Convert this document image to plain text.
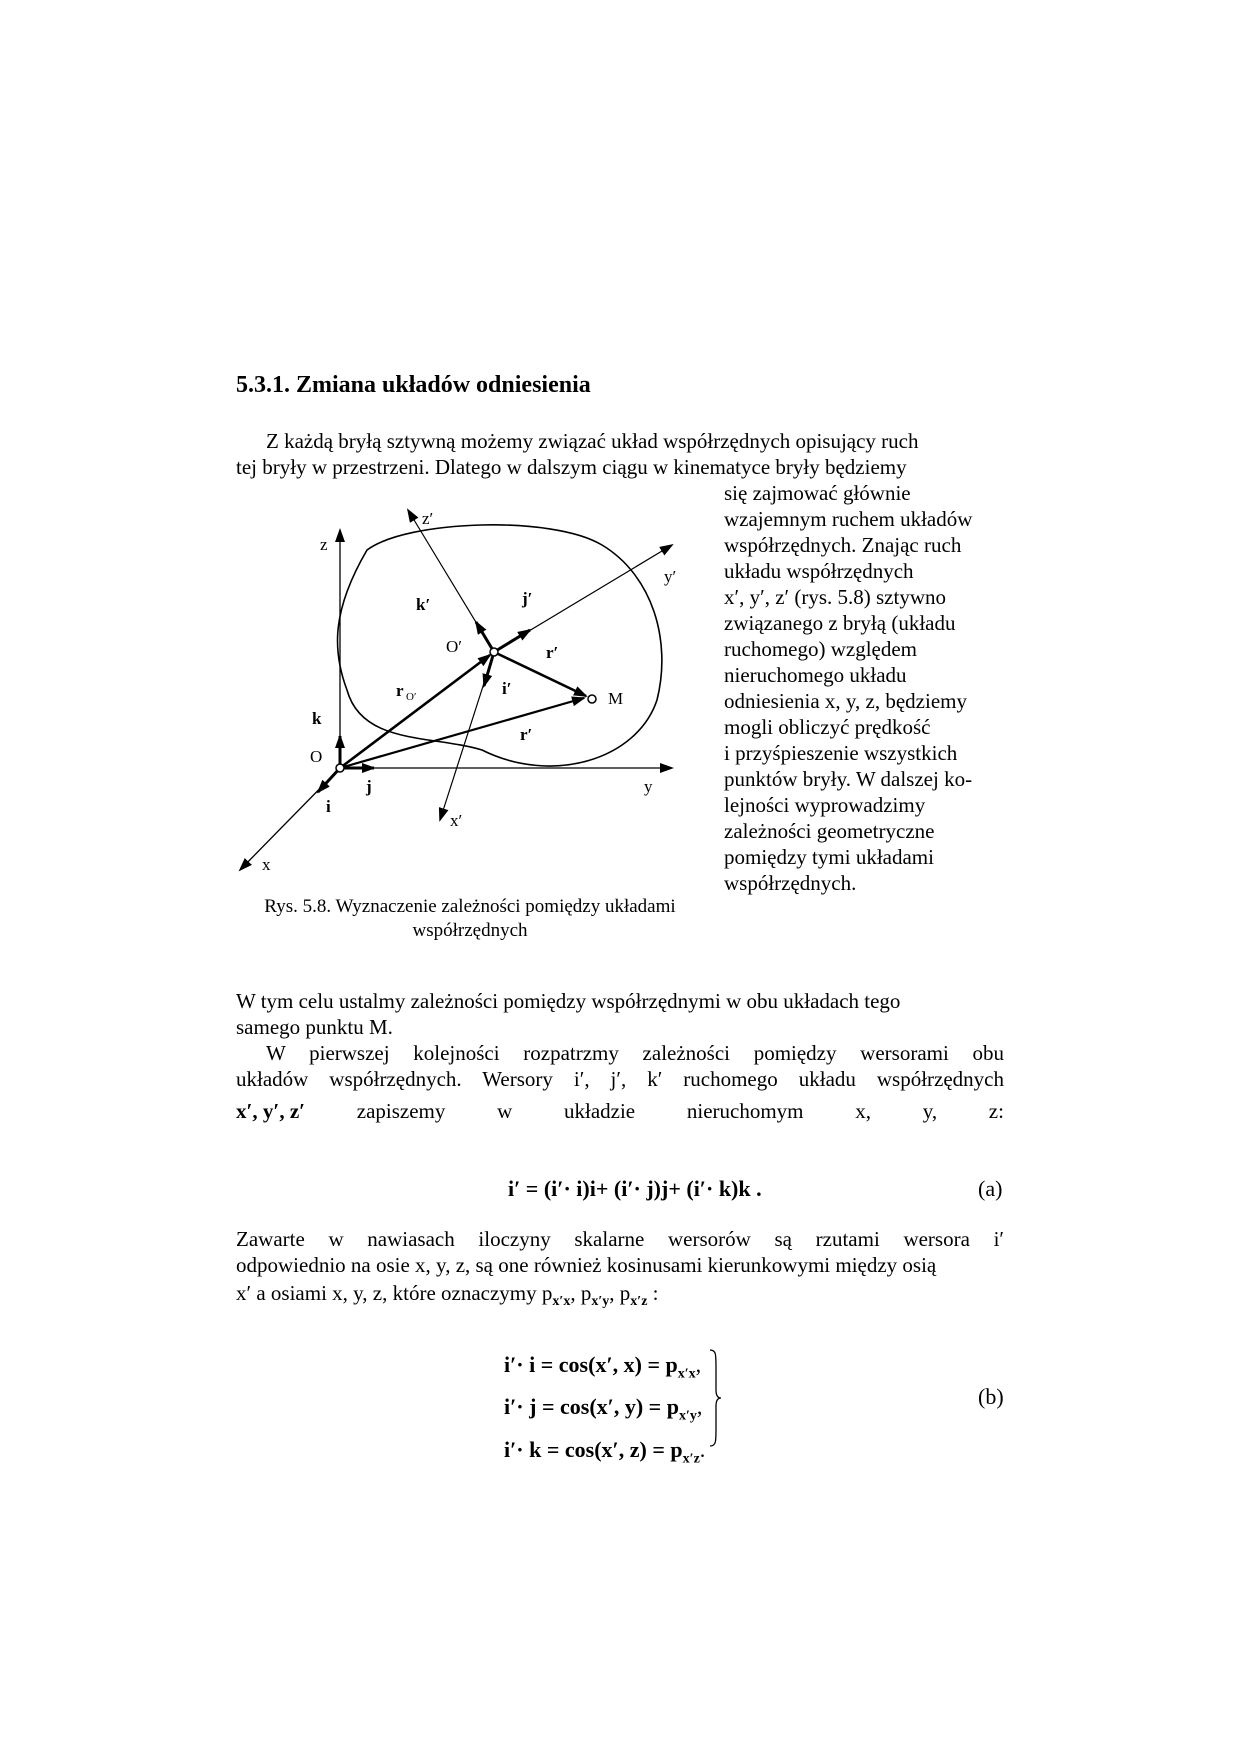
5.3.1. Zmiana układów odniesienia
Z każdą bryłą sztywną możemy związać układ współrzędnych opisujący ruch
tej bryły w przestrzeni. Dlatego w dalszym ciągu w kinematyce bryły będziemy
się zajmować głównie
wzajemnym ruchem układów
współrzędnych. Znając ruch
układu współrzędnych
x′, y′, z′ (rys. 5.8) sztywno
związanego z bryłą (układu
ruchomego) względem
nieruchomego układu
odniesienia x, y, z, będziemy
mogli obliczyć prędkość
i przyśpieszenie wszystkich
punktów bryły. W dalszej ko-
lejności wyprowadzimy
zależności geometryczne
pomiędzy tymi układami
współrzędnych.
z
y
x
z′
y′
x′
k
j
i
k′	j′
i′
O
O′
M
r O′
r′
r′
Rys. 5.8. Wyznaczenie zależności pomiędzy układami
współrzędnych
W tym celu ustalmy zależności pomiędzy współrzędnymi w obu układach tego
samego punktu M.
W pierwszej kolejności rozpatrzmy zależności pomiędzy wersorami obu
układów współrzędnych. Wersory i′, j′, k′ ruchomego układu współrzędnych
x′, y′, z′ zapiszemy w układzie nieruchomym x, y, z:
i′ = (i′· i)i+ (i′· j)j+ (i′· k)k .	(a)
Zawarte w nawiasach iloczyny skalarne wersorów są rzutami wersora i′
odpowiednio na osie x, y, z, są one również kosinusami kierunkowymi między osią
x′ a osiami x, y, z, które oznaczymy $p_{x'x}$, $p_{x'y}$, $p_{x'z}$ :
i′· i = cos(x′, $x) = p_{x'x}$,
i′· j = cos(x′, $y) = p_{x'y}$,
i′· k = cos(x′, $z) = p_{x'z}$.
(b)
